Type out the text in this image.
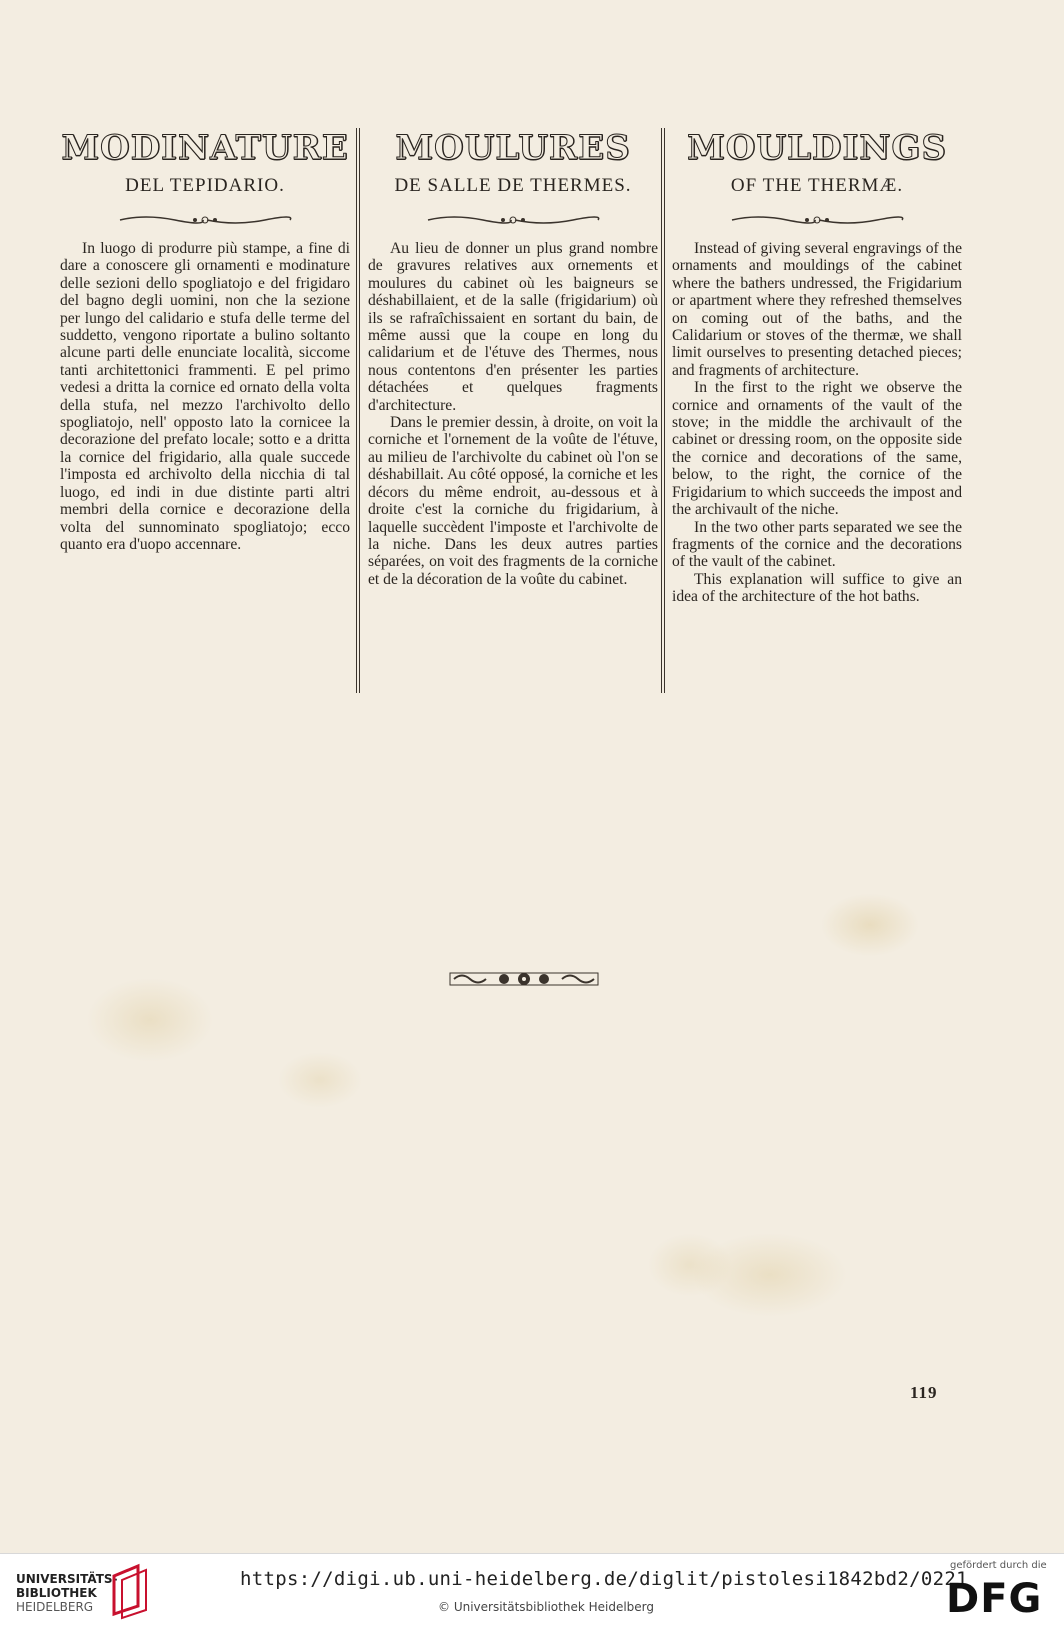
MODINATURE
DEL TEPIDARIO.

In luogo di produrre più stampe, a fine di dare a conoscere gli ornamenti e modinature delle sezioni dello spogliatojo e del frigidaro del bagno degli uomini, non che la sezione per lungo del calidario e stufa delle terme del suddetto, vengono riportate a bulino soltanto alcune parti delle enunciate località, siccome tanti architettonici frammenti. E pel primo vedesi a dritta la cornice ed ornato della volta della stufa, nel mezzo l'archivolto dello spogliatojo, nell' opposto lato la cornicee la decorazione del prefato locale; sotto e a dritta la cornice del frigidario, alla quale succede l'imposta ed archivolto della nicchia di tal luogo, ed indi in due distinte parti altri membri della cornice e decorazione della volta del sunnominato spogliatojo; ecco quanto era d'uopo accennare.

MOULURES
DE SALLE DE THERMES.

Au lieu de donner un plus grand nombre de gravures relatives aux ornements et moulures du cabinet où les baigneurs se déshabillaient, et de la salle (frigidarium) où ils se rafraîchissaient en sortant du bain, de même aussi que la coupe en long du calidarium et de l'étuve des Thermes, nous nous contentons d'en présenter les parties détachées et quelques fragments d'architecture.

Dans le premier dessin, à droite, on voit la corniche et l'ornement de la voûte de l'étuve, au milieu de l'archivolte du cabinet où l'on se déshabillait. Au côté opposé, la corniche et les décors du même endroit, au-dessous et à droite c'est la corniche du frigidarium, à laquelle succèdent l'imposte et l'archivolte de la niche. Dans les deux autres parties séparées, on voit des fragments de la corniche et de la décoration de la voûte du cabinet.

MOULDINGS
OF THE THERMÆ.

Instead of giving several engravings of the ornaments and mouldings of the cabinet where the bathers undressed, the Frigidarium or apartment where they refreshed themselves on coming out of the baths, and the Calidarium or stoves of the thermæ, we shall limit ourselves to presenting detached pieces; and fragments of architecture.

In the first to the right we observe the cornice and ornaments of the vault of the stove; in the middle the archivault of the cabinet or dressing room, on the opposite side the cornice and decorations of the same, below, to the right, the cornice of the Frigidarium to which succeeds the impost and the archivault of the niche.

In the two other parts separated we see the fragments of the cornice and the decorations of the vault of the cabinet.

This explanation will suffice to give an idea of the architecture of the hot baths.

119
UNIVERSITÄTS-
BIBLIOTHEK
HEIDELBERG
https://digi.ub.uni-heidelberg.de/diglit/pistolesi1842bd2/0221
© Universitätsbibliothek Heidelberg
gefördert durch die
DFG
